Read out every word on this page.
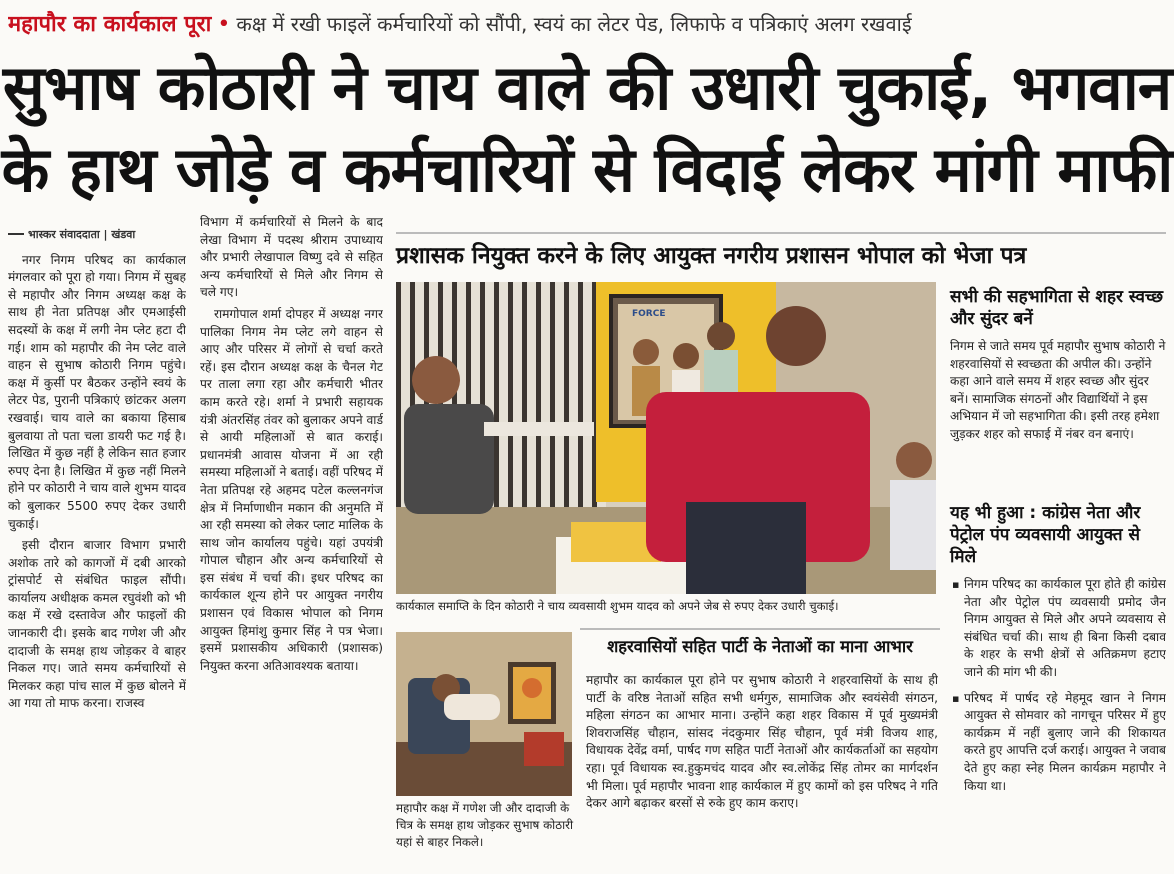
महापौर का कार्यकाल पूरा • कक्ष में रखी फाइलें कर्मचारियों को सौंपी, स्वयं का लेटर पेड, लिफाफे व पत्रिकाएं अलग रखवाई
सुभाष कोठारी ने चाय वाले की उधारी चुकाई, भगवान
के हाथ जोड़े व कर्मचारियों से विदाई लेकर मांगी माफी
भास्कर संवाददाता | खंडवा

नगर निगम परिषद का कार्यकाल मंगलवार को पूरा हो गया। निगम में सुबह से महापौर और निगम अध्यक्ष कक्ष के साथ ही नेता प्रतिपक्ष और एमआईसी सदस्यों के कक्ष में लगी नेम प्लेट हटा दी गई। शाम को महापौर की नेम प्लेट वाले वाहन से सुभाष कोठारी निगम पहुंचे। कक्ष में कुर्सी पर बैठकर उन्होंने स्वयं के लेटर पेड, पुरानी पत्रिकाएं छांटकर अलग रखवाई। चाय वाले का बकाया हिसाब बुलवाया तो पता चला डायरी फट गई है। लिखित में कुछ नहीं है लेकिन सात हजार रुपए देना है। लिखित में कुछ नहीं मिलने होने पर कोठारी ने चाय वाले शुभम यादव को बुलाकर 5500 रुपए देकर उधारी चुकाई।

इसी दौरान बाजार विभाग प्रभारी अशोक तारे को कागजों में दबी आरको ट्रांसपोर्ट से संबंधित फाइल सौंपी। कार्यालय अधीक्षक कमल रघुवंशी को भी कक्ष में रखे दस्तावेज और फाइलों की जानकारी दी। इसके बाद गणेश जी और दादाजी के समक्ष हाथ जोड़कर वे बाहर निकल गए। जाते समय कर्मचारियों से मिलकर कहा पांच साल में कुछ बोलने में आ गया तो माफ करना। राजस्व

विभाग में कर्मचारियों से मिलने के बाद लेखा विभाग में पदस्थ श्रीराम उपाध्याय और प्रभारी लेखापाल विष्णु दवे से सहित अन्य कर्मचारियों से मिले और निगम से चले गए।

रामगोपाल शर्मा दोपहर में अध्यक्ष नगर पालिका निगम नेम प्लेट लगे वाहन से आए और परिसर में लोगों से चर्चा करते रहें। इस दौरान अध्यक्ष कक्ष के चैनल गेट पर ताला लगा रहा और कर्मचारी भीतर काम करते रहे। शर्मा ने प्रभारी सहायक यंत्री अंतरसिंह तंवर को बुलाकर अपने वार्ड से आयी महिलाओं से बात कराई। प्रधानमंत्री आवास योजना में आ रही समस्या महिलाओं ने बताई। वहीं परिषद में नेता प्रतिपक्ष रहे अहमद पटेल कल्लनगंज क्षेत्र में निर्माणाधीन मकान की अनुमति में आ रही समस्या को लेकर प्लाट मालिक के साथ जोन कार्यालय पहुंचे। यहां उपयंत्री गोपाल चौहान और अन्य कर्मचारियों से इस संबंध में चर्चा की। इधर परिषद का कार्यकाल शून्य होने पर आयुक्त नगरीय प्रशासन एवं विकास भोपाल को निगम आयुक्त हिमांशु कुमार सिंह ने पत्र भेजा। इसमें प्रशासकीय अधिकारी (प्रशासक) नियुक्त करना अतिआवश्यक बताया।

प्रशासक नियुक्त करने के लिए आयुक्त नगरीय प्रशासन भोपाल को भेजा पत्र
FORCE
कार्यकाल समाप्ति के दिन कोठारी ने चाय व्यवसायी शुभम यादव को अपने जेब से रुपए देकर उधारी चुकाई।
सभी की सहभागिता से शहर स्वच्छ और सुंदर बनें
निगम से जाते समय पूर्व महापौर सुभाष कोठारी ने शहरवासियों से स्वच्छता की अपील की। उन्होंने कहा आने वाले समय में शहर स्वच्छ और सुंदर बनें। सामाजिक संगठनों और विद्यार्थियों ने इस अभियान में जो सहभागिता की। इसी तरह हमेशा जुड़कर शहर को सफाई में नंबर वन बनाएं।
यह भी हुआ : कांग्रेस नेता और पेट्रोल पंप व्यवसायी आयुक्त से मिले
▪ निगम परिषद का कार्यकाल पूरा होते ही कांग्रेस नेता और पेट्रोल पंप व्यवसायी प्रमोद जैन निगम आयुक्त से मिले और अपने व्यवसाय से संबंधित चर्चा की। साथ ही बिना किसी दबाव के शहर के सभी क्षेत्रों से अतिक्रमण हटाए जाने की मांग भी की।
▪ परिषद में पार्षद रहे मेहमूद खान ने निगम आयुक्त से सोमवार को नागचून परिसर में हुए कार्यक्रम में नहीं बुलाए जाने की शिकायत करते हुए आपत्ति दर्ज कराई। आयुक्त ने जवाब देते हुए कहा स्नेह मिलन कार्यक्रम महापौर ने किया था।
महापौर कक्ष में गणेश जी और दादाजी के चित्र के समक्ष हाथ जोड़कर सुभाष कोठारी यहां से बाहर निकले।
शहरवासियों सहित पार्टी के नेताओं का माना आभार

महापौर का कार्यकाल पूरा होने पर सुभाष कोठारी ने शहरवासियों के साथ ही पार्टी के वरिष्ठ नेताओं सहित सभी धर्मगुरु, सामाजिक और स्वयंसेवी संगठन, महिला संगठन का आभार माना। उन्होंने कहा शहर विकास में पूर्व मुख्यमंत्री शिवराजसिंह चौहान, सांसद नंदकुमार सिंह चौहान, पूर्व मंत्री विजय शाह, विधायक देवेंद्र वर्मा, पार्षद गण सहित पार्टी नेताओं और कार्यकर्ताओं का सहयोग रहा। पूर्व विधायक स्व.हुकुमचंद यादव और स्व.लोकेंद्र सिंह तोमर का मार्गदर्शन भी मिला। पूर्व महापौर भावना शाह कार्यकाल में हुए कामों को इस परिषद ने गति देकर आगे बढ़ाकर बरसों से रुके हुए काम कराए।
